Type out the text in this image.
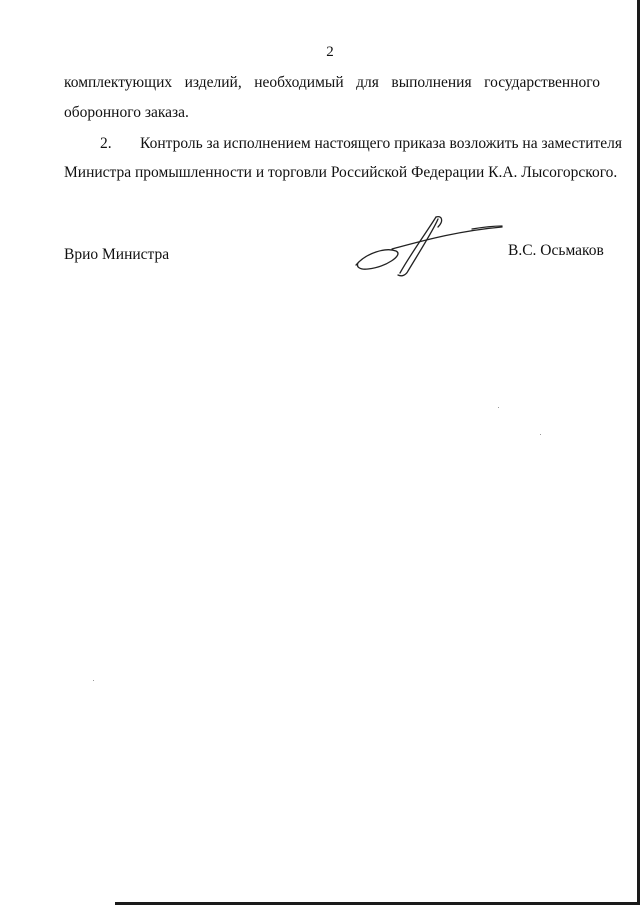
2
комплектующих изделий, необходимый для выполнения государственного
оборонного заказа.
2. Контроль за исполнением настоящего приказа возложить на заместителя
Министра промышленности и торговли Российской Федерации К.А. Лысогорского.
Врио Министра	В.С. Осьмаков
